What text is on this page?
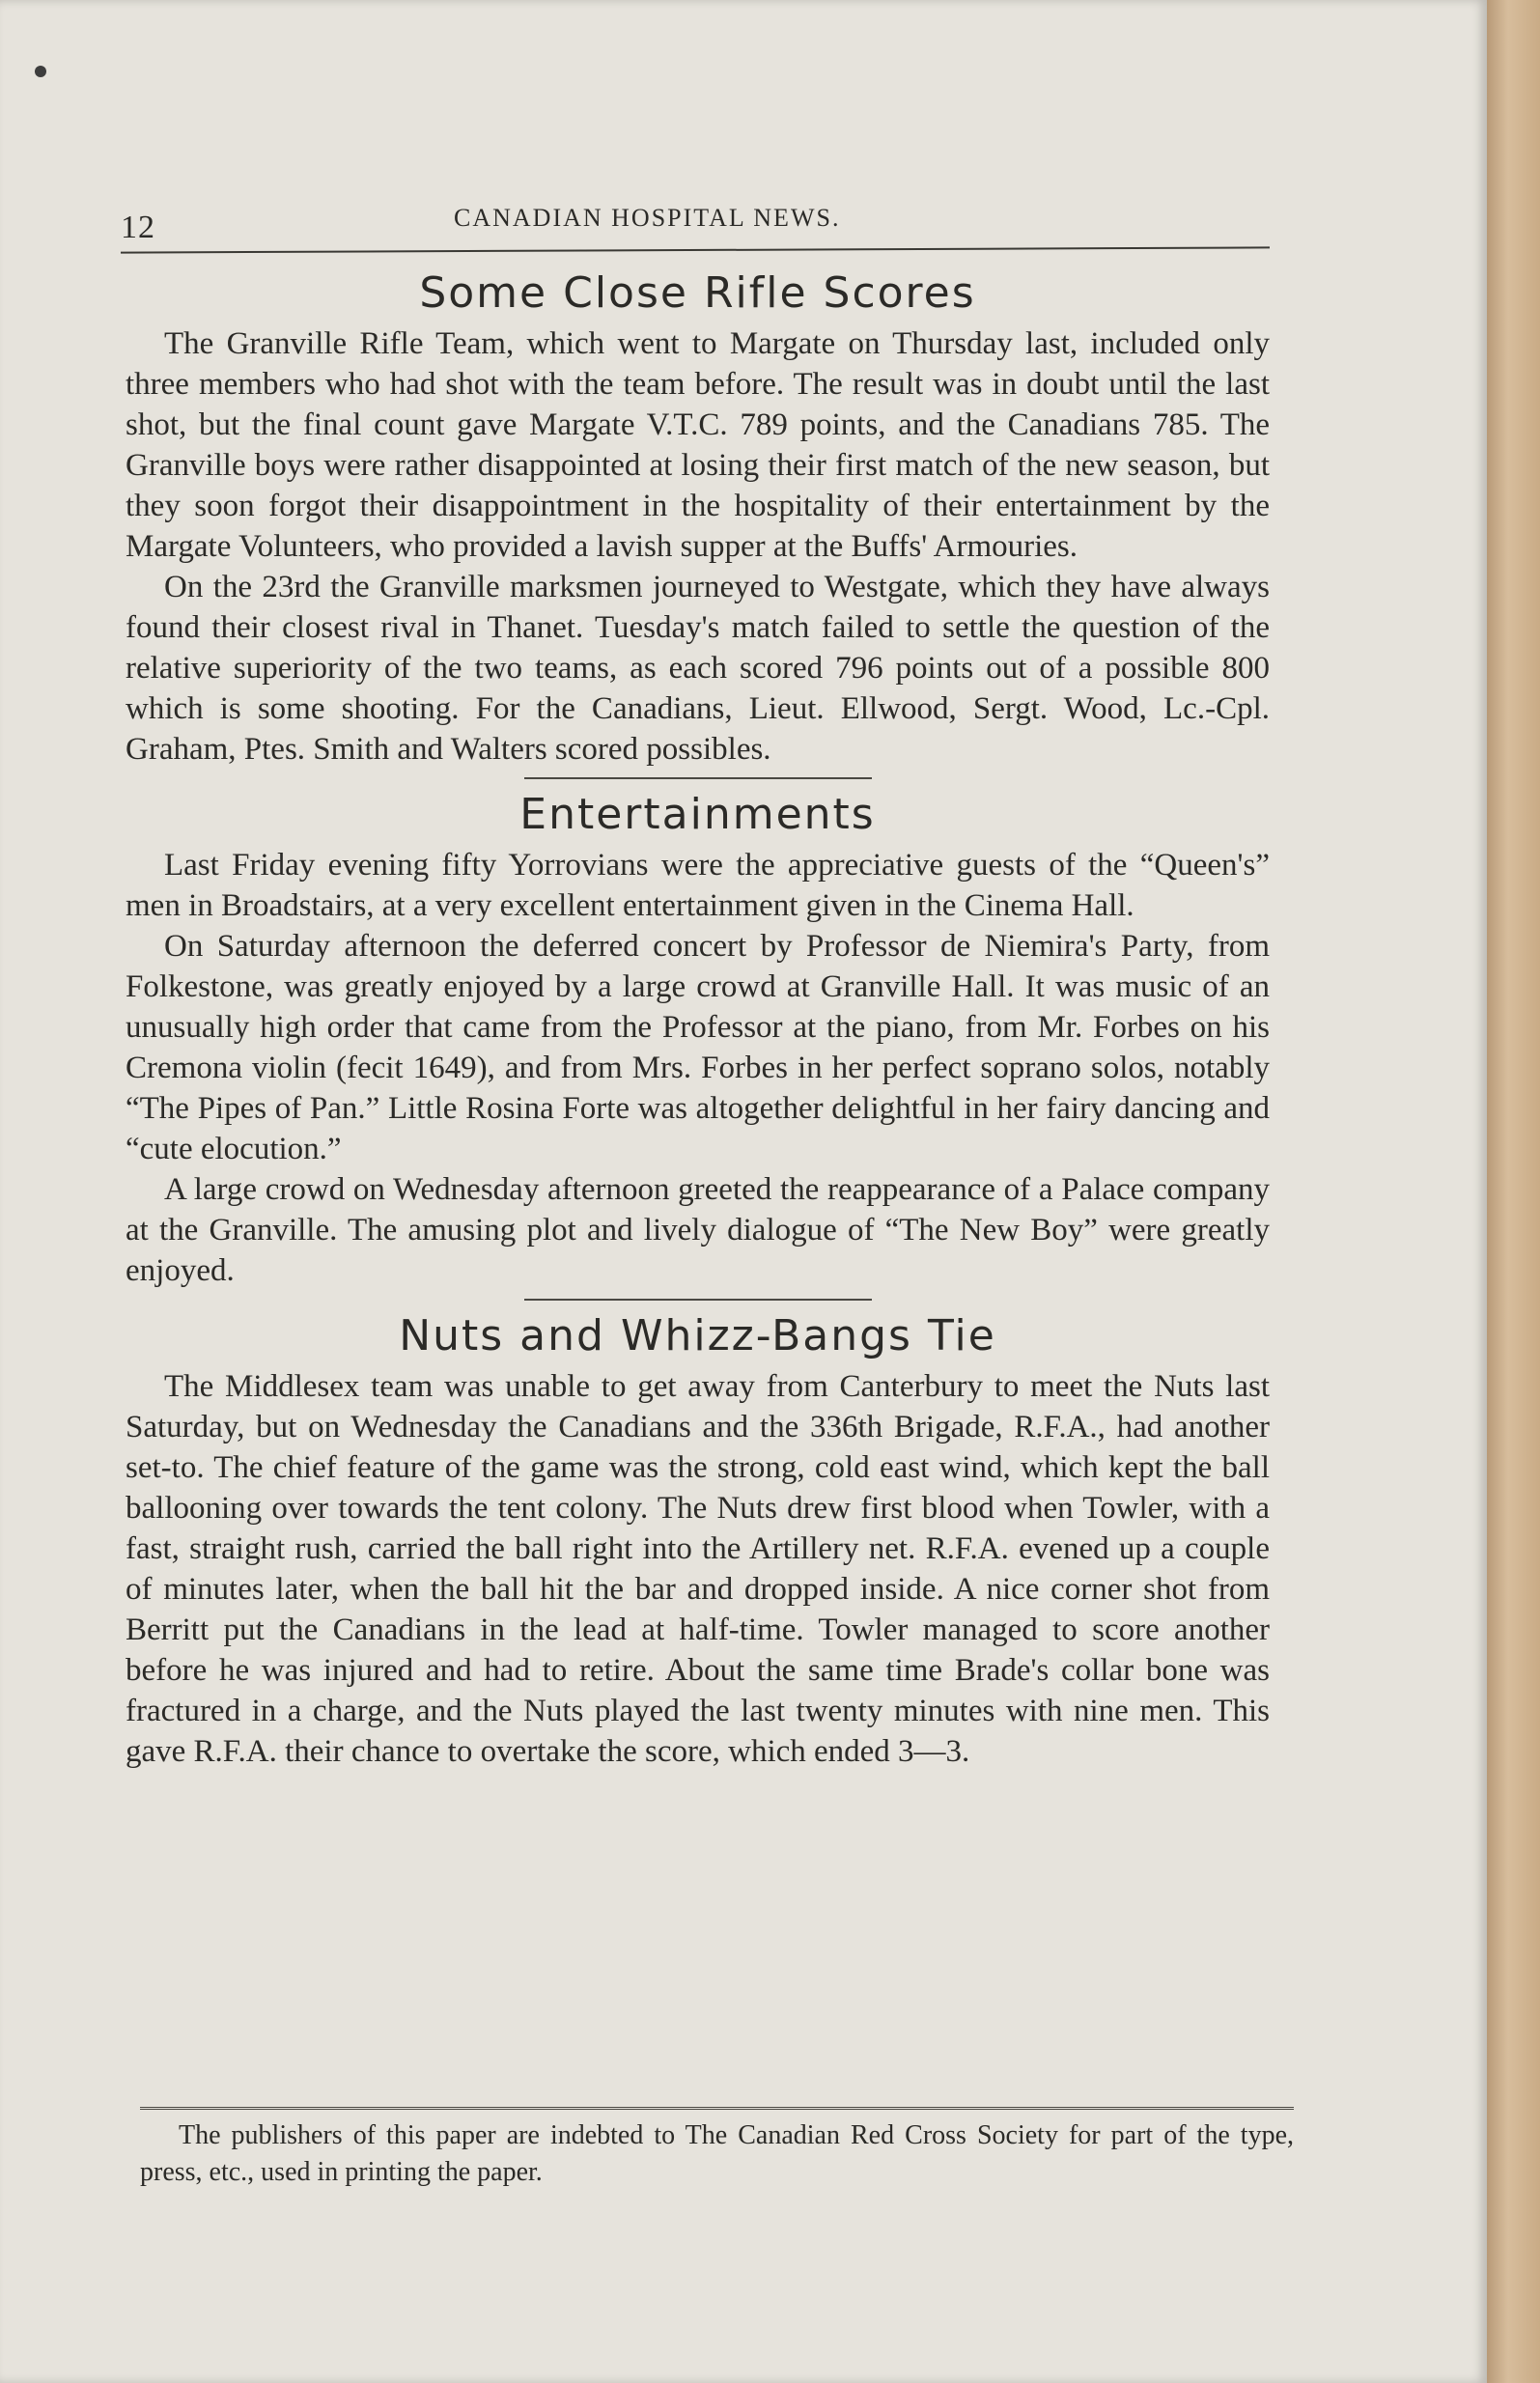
12	CANADIAN HOSPITAL NEWS.
Some Close Rifle Scores

The Granville Rifle Team, which went to Margate on Thursday last, included only three members who had shot with the team before. The result was in doubt until the last shot, but the final count gave Margate V.T.C. 789 points, and the Canadians 785. The Granville boys were rather disappointed at losing their first match of the new season, but they soon forgot their disappointment in the hospitality of their entertainment by the Margate Volunteers, who provided a lavish supper at the Buffs' Armouries.

On the 23rd the Granville marksmen journeyed to Westgate, which they have always found their closest rival in Thanet. Tuesday's match failed to settle the question of the relative superiority of the two teams, as each scored 796 points out of a possible 800 which is some shooting. For the Canadians, Lieut. Ellwood, Sergt. Wood, Lc.-Cpl. Graham, Ptes. Smith and Walters scored possibles.

Entertainments

Last Friday evening fifty Yorrovians were the appreciative guests of the “Queen's” men in Broadstairs, at a very excellent entertainment given in the Cinema Hall.

On Saturday afternoon the deferred concert by Professor de Niemira's Party, from Folkestone, was greatly enjoyed by a large crowd at Granville Hall. It was music of an unusually high order that came from the Professor at the piano, from Mr. Forbes on his Cremona violin (fecit 1649), and from Mrs. Forbes in her perfect soprano solos, notably “The Pipes of Pan.” Little Rosina Forte was altogether delightful in her fairy dancing and “cute elocution.”

A large crowd on Wednesday afternoon greeted the reappearance of a Palace company at the Granville. The amusing plot and lively dialogue of “The New Boy” were greatly enjoyed.

Nuts and Whizz-Bangs Tie

The Middlesex team was unable to get away from Canterbury to meet the Nuts last Saturday, but on Wednesday the Canadians and the 336th Brigade, R.F.A., had another set-to. The chief feature of the game was the strong, cold east wind, which kept the ball ballooning over towards the tent colony. The Nuts drew first blood when Towler, with a fast, straight rush, carried the ball right into the Artillery net. R.F.A. evened up a couple of minutes later, when the ball hit the bar and dropped inside. A nice corner shot from Berritt put the Canadians in the lead at half-time. Towler managed to score another before he was injured and had to retire. About the same time Brade's collar bone was fractured in a charge, and the Nuts played the last twenty minutes with nine men. This gave R.F.A. their chance to overtake the score, which ended 3—3.

The publishers of this paper are indebted to The Canadian Red Cross Society for part of the type, press, etc., used in printing the paper.
